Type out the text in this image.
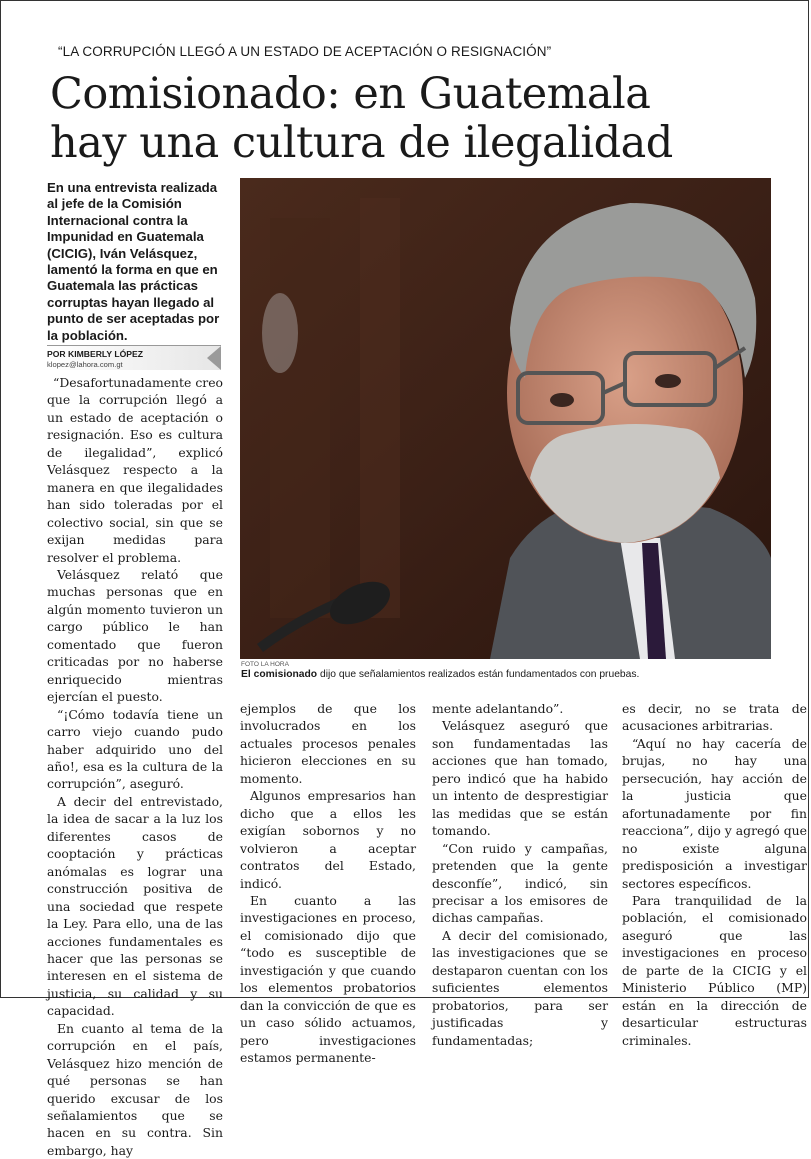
“LA CORRUPCIÓN LLEGÓ A UN ESTADO DE ACEPTACIÓN O RESIGNACIÓN”
Comisionado: en Guatemala
hay una cultura de ilegalidad
En una entrevista realizada al jefe de la Comisión Internacional contra la Impunidad en Guatemala (CICIG), Iván Velásquez, lamentó la forma en que en Guatemala las prácticas corruptas hayan llegado al punto de ser aceptadas por la población.
POR KIMBERLY LÓPEZ
klopez@lahora.com.gt
FOTO LA HORA
El comisionado dijo que señalamientos realizados están fundamentados con pruebas.

“Desafortunadamente creo que la corrupción llegó a un estado de aceptación o resignación. Eso es cultura de ilegalidad”, explicó Velásquez respecto a la manera en que ilegalidades han sido toleradas por el colectivo social, sin que se exijan medidas para resolver el problema.

Velásquez relató que muchas personas que en algún momento tuvieron un cargo público le han comentado que fueron criticadas por no haberse enriquecido mientras ejercían el puesto.

“¡Cómo todavía tiene un carro viejo cuando pudo haber adquirido uno del año!, esa es la cultura de la corrupción”, aseguró.

A decir del entrevistado, la idea de sacar a la luz los diferentes casos de cooptación y prácticas anómalas es lograr una construcción positiva de una sociedad que respete la Ley. Para ello, una de las acciones fundamentales es hacer que las personas se interesen en el sistema de justicia, su calidad y su capacidad.

En cuanto al tema de la corrupción en el país, Velásquez hizo mención de qué personas se han querido excusar de los señalamientos que se hacen en su contra. Sin embargo, hay

ejemplos de que los involucrados en los actuales procesos penales hicieron elecciones en su momento.

Algunos empresarios han dicho que a ellos les exigían sobornos y no volvieron a aceptar contratos del Estado, indicó.

En cuanto a las investigaciones en proceso, el comisionado dijo que “todo es susceptible de investigación y que cuando los elementos probatorios dan la convicción de que es un caso sólido actuamos, pero investigaciones estamos permanente-

mente adelantando”.

Velásquez aseguró que son fundamentadas las acciones que han tomado, pero indicó que ha habido un intento de desprestigiar las medidas que se están tomando.

“Con ruido y campañas, pretenden que la gente desconfíe”, indicó, sin precisar a los emisores de dichas campañas.

A decir del comisionado, las investigaciones que se destaparon cuentan con los suficientes elementos probatorios, para ser justificadas y fundamentadas;

es decir, no se trata de acusaciones arbitrarias.

“Aquí no hay cacería de brujas, no hay una persecución, hay acción de la justicia que afortunadamente por fin reacciona”, dijo y agregó que no existe alguna predisposición a investigar sectores específicos.

Para tranquilidad de la población, el comisionado aseguró que las investigaciones en proceso de parte de la CICIG y el Ministerio Público (MP) están en la dirección de desarticular estructuras criminales.
